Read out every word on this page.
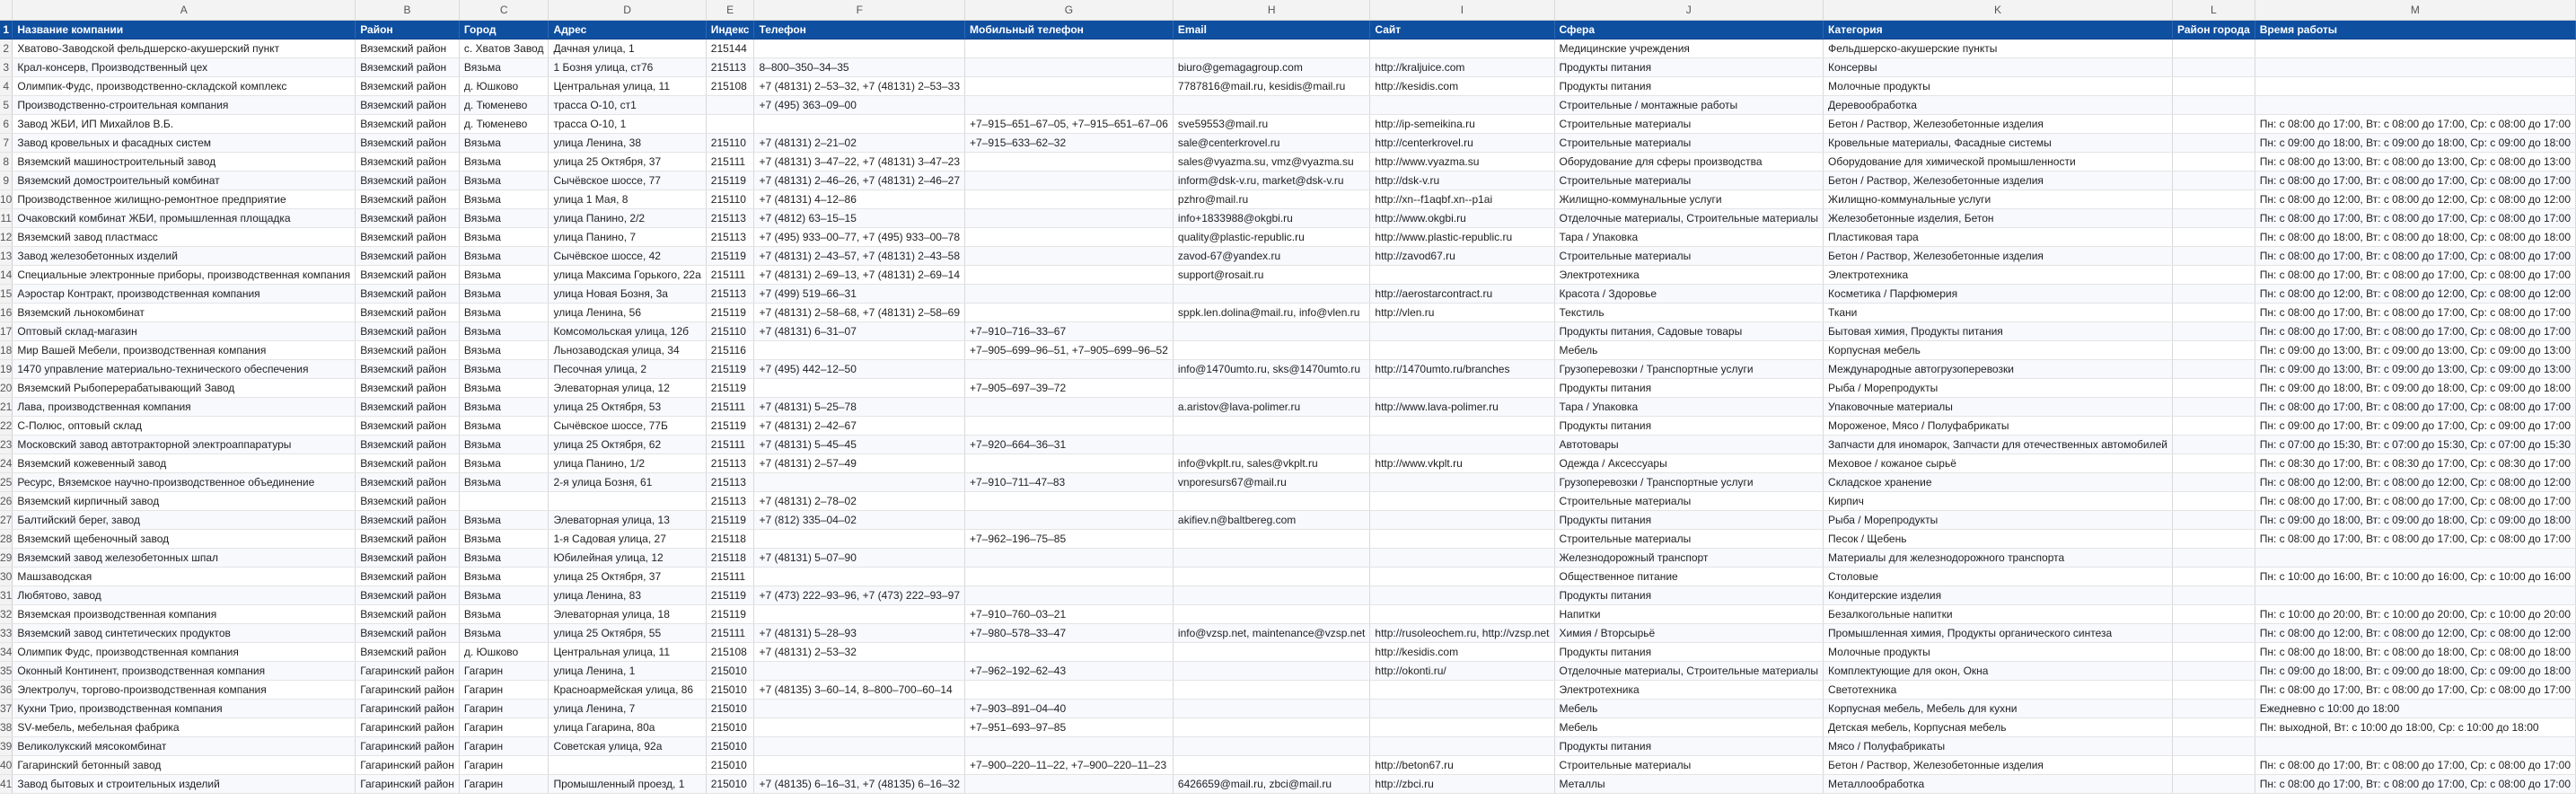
	A	B	C	D	E	F	G	H	I	J	K	L	M
1	Название компании	Район	Город	Адрес	Индекс	Телефон	Мобильный телефон	Email	Сайт	Сфера	Категория	Район города	Время работы
2	Хватово-Заводской фельдшерско-акушерский пункт	Вяземский район	с. Хватов Завод	Дачная улица, 1	215144					Медицинские учреждения	Фельдшерско-акушерские пункты		
3	Крал-консерв, Производственный цех	Вяземский район	Вязьма	1 Бозня улица, ст76	215113	8‒800‒350‒34‒35		biuro@gemagagroup.com	http://kraljuice.com	Продукты питания	Консервы		
4	Олимпик-Фудс, производственно-складской комплекс	Вяземский район	д. Юшково	Центральная улица, 11	215108	+7 (48131) 2‒53‒32, +7 (48131) 2‒53‒33		7787816@mail.ru, kesidis@mail.ru	http://kesidis.com	Продукты питания	Молочные продукты		
5	Производственно-строительная компания	Вяземский район	д. Тюменево	трасса О-10, ст1		+7 (495) 363‒09‒00				Строительные / монтажные работы	Деревообработка		
6	Завод ЖБИ, ИП Михайлов В.Б.	Вяземский район	д. Тюменево	трасса О-10, 1			+7‒915‒651‒67‒05, +7‒915‒651‒67‒06	sve59553@mail.ru	http://ip-semeikina.ru	Строительные материалы	Бетон / Раствор, Железобетонные изделия		Пн: с 08:00 до 17:00, Вт: с 08:00 до 17:00, Ср: с 08:00 до 17:00
7	Завод кровельных и фасадных систем	Вяземский район	Вязьма	улица Ленина, 38	215110	+7 (48131) 2‒21‒02	+7‒915‒633‒62‒32	sale@centerkrovel.ru	http://centerkrovel.ru	Строительные материалы	Кровельные материалы, Фасадные системы		Пн: с 09:00 до 18:00, Вт: с 09:00 до 18:00, Ср: с 09:00 до 18:00
8	Вяземский машиностроительный завод	Вяземский район	Вязьма	улица 25 Октября, 37	215111	+7 (48131) 3‒47‒22, +7 (48131) 3‒47‒23		sales@vyazma.su, vmz@vyazma.su	http://www.vyazma.su	Оборудование для сферы производства	Оборудование для химической промышленности		Пн: с 08:00 до 13:00, Вт: с 08:00 до 13:00, Ср: с 08:00 до 13:00
9	Вяземский домостроительный комбинат	Вяземский район	Вязьма	Сычёвское шоссе, 77	215119	+7 (48131) 2‒46‒26, +7 (48131) 2‒46‒27		inform@dsk-v.ru, market@dsk-v.ru	http://dsk-v.ru	Строительные материалы	Бетон / Раствор, Железобетонные изделия		Пн: с 08:00 до 17:00, Вт: с 08:00 до 17:00, Ср: с 08:00 до 17:00
10	Производственное жилищно-ремонтное предприятие	Вяземский район	Вязьма	улица 1 Мая, 8	215110	+7 (48131) 4‒12‒86		pzhro@mail.ru	http://xn--f1aqbf.xn--p1ai	Жилищно-коммунальные услуги	Жилищно-коммунальные услуги		Пн: с 08:00 до 12:00, Вт: с 08:00 до 12:00, Ср: с 08:00 до 12:00
11	Очаковский комбинат ЖБИ, промышленная площадка	Вяземский район	Вязьма	улица Панино, 2/2	215113	+7 (4812) 63‒15‒15		info+1833988@okgbi.ru	http://www.okgbi.ru	Отделочные материалы, Строительные материалы	Железобетонные изделия, Бетон		Пн: с 08:00 до 17:00, Вт: с 08:00 до 17:00, Ср: с 08:00 до 17:00
12	Вяземский завод пластмасс	Вяземский район	Вязьма	улица Панино, 7	215113	+7 (495) 933‒00‒77, +7 (495) 933‒00‒78		quality@plastic-republic.ru	http://www.plastic-republic.ru	Тара / Упаковка	Пластиковая тара		Пн: с 08:00 до 18:00, Вт: с 08:00 до 18:00, Ср: с 08:00 до 18:00
13	Завод железобетонных изделий	Вяземский район	Вязьма	Сычёвское шоссе, 42	215119	+7 (48131) 2‒43‒57, +7 (48131) 2‒43‒58		zavod-67@yandex.ru	http://zavod67.ru	Строительные материалы	Бетон / Раствор, Железобетонные изделия		Пн: с 08:00 до 17:00, Вт: с 08:00 до 17:00, Ср: с 08:00 до 17:00
14	Специальные электронные приборы, производственная компания	Вяземский район	Вязьма	улица Максима Горького, 22а	215111	+7 (48131) 2‒69‒13, +7 (48131) 2‒69‒14		support@rosait.ru		Электротехника	Электротехника		Пн: с 08:00 до 17:00, Вт: с 08:00 до 17:00, Ср: с 08:00 до 17:00
15	Аэростар Контракт, производственная компания	Вяземский район	Вязьма	улица Новая Бозня, 3а	215113	+7 (499) 519‒66‒31			http://aerostarcontract.ru	Красота / Здоровье	Косметика / Парфюмерия		Пн: с 08:00 до 12:00, Вт: с 08:00 до 12:00, Ср: с 08:00 до 12:00
16	Вяземский льнокомбинат	Вяземский район	Вязьма	улица Ленина, 56	215119	+7 (48131) 2‒58‒68, +7 (48131) 2‒58‒69		sppk.len.dolina@mail.ru, info@vlen.ru	http://vlen.ru	Текстиль	Ткани		Пн: с 08:00 до 17:00, Вт: с 08:00 до 17:00, Ср: с 08:00 до 17:00
17	Оптовый склад-магазин	Вяземский район	Вязьма	Комсомольская улица, 12б	215110	+7 (48131) 6‒31‒07	+7‒910‒716‒33‒67			Продукты питания, Садовые товары	Бытовая химия, Продукты питания		Пн: с 08:00 до 17:00, Вт: с 08:00 до 17:00, Ср: с 08:00 до 17:00
18	Мир Вашей Мебели, производственная компания	Вяземский район	Вязьма	Льнозаводская улица, 34	215116		+7‒905‒699‒96‒51, +7‒905‒699‒96‒52			Мебель	Корпусная мебель		Пн: с 09:00 до 13:00, Вт: с 09:00 до 13:00, Ср: с 09:00 до 13:00
19	1470 управление материально-технического обеспечения	Вяземский район	Вязьма	Песочная улица, 2	215119	+7 (495) 442‒12‒50		info@1470umto.ru, sks@1470umto.ru	http://1470umto.ru/branches	Грузоперевозки / Транспортные услуги	Международные автогрузоперевозки		Пн: с 09:00 до 13:00, Вт: с 09:00 до 13:00, Ср: с 09:00 до 13:00
20	Вяземский Рыбоперерабатывающий Завод	Вяземский район	Вязьма	Элеваторная улица, 12	215119		+7‒905‒697‒39‒72			Продукты питания	Рыба / Морепродукты		Пн: с 09:00 до 18:00, Вт: с 09:00 до 18:00, Ср: с 09:00 до 18:00
21	Лава, производственная компания	Вяземский район	Вязьма	улица 25 Октября, 53	215111	+7 (48131) 5‒25‒78		a.aristov@lava-polimer.ru	http://www.lava-polimer.ru	Тара / Упаковка	Упаковочные материалы		Пн: с 08:00 до 17:00, Вт: с 08:00 до 17:00, Ср: с 08:00 до 17:00
22	С-Полюс, оптовый склад	Вяземский район	Вязьма	Сычёвское шоссе, 77Б	215119	+7 (48131) 2‒42‒67				Продукты питания	Мороженое, Мясо / Полуфабрикаты		Пн: с 09:00 до 17:00, Вт: с 09:00 до 17:00, Ср: с 09:00 до 17:00
23	Московский завод автотракторной электроаппаратуры	Вяземский район	Вязьма	улица 25 Октября, 62	215111	+7 (48131) 5‒45‒45	+7‒920‒664‒36‒31			Автотовары	Запчасти для иномарок, Запчасти для отечественных автомобилей		Пн: с 07:00 до 15:30, Вт: с 07:00 до 15:30, Ср: с 07:00 до 15:30
24	Вяземский кожевенный завод	Вяземский район	Вязьма	улица Панино, 1/2	215113	+7 (48131) 2‒57‒49		info@vkplt.ru, sales@vkplt.ru	http://www.vkplt.ru	Одежда / Аксессуары	Меховое / кожаное сырьё		Пн: с 08:30 до 17:00, Вт: с 08:30 до 17:00, Ср: с 08:30 до 17:00
25	Ресурс, Вяземское научно-производственное объединение	Вяземский район	Вязьма	2-я улица Бозня, 61	215113		+7‒910‒711‒47‒83	vnporesurs67@mail.ru		Грузоперевозки / Транспортные услуги	Складское хранение		Пн: с 08:00 до 12:00, Вт: с 08:00 до 12:00, Ср: с 08:00 до 12:00
26	Вяземский кирпичный завод	Вяземский район			215113	+7 (48131) 2‒78‒02				Строительные материалы	Кирпич		Пн: с 08:00 до 17:00, Вт: с 08:00 до 17:00, Ср: с 08:00 до 17:00
27	Балтийский берег, завод	Вяземский район	Вязьма	Элеваторная улица, 13	215119	+7 (812) 335‒04‒02		akifiev.n@baltbereg.com		Продукты питания	Рыба / Морепродукты		Пн: с 09:00 до 18:00, Вт: с 09:00 до 18:00, Ср: с 09:00 до 18:00
28	Вяземский щебеночный завод	Вяземский район	Вязьма	1-я Садовая улица, 27	215118		+7‒962‒196‒75‒85			Строительные материалы	Песок / Щебень		Пн: с 08:00 до 17:00, Вт: с 08:00 до 17:00, Ср: с 08:00 до 17:00
29	Вяземский завод железобетонных шпал	Вяземский район	Вязьма	Юбилейная улица, 12	215118	+7 (48131) 5‒07‒90				Железнодорожный транспорт	Материалы для железнодорожного транспорта		
30	Машзаводская	Вяземский район	Вязьма	улица 25 Октября, 37	215111					Общественное питание	Столовые		Пн: с 10:00 до 16:00, Вт: с 10:00 до 16:00, Ср: с 10:00 до 16:00
31	Любятово, завод	Вяземский район	Вязьма	улица Ленина, 83	215119	+7 (473) 222‒93‒96, +7 (473) 222‒93‒97				Продукты питания	Кондитерские изделия		
32	Вяземская производственная компания	Вяземский район	Вязьма	Элеваторная улица, 18	215119		+7‒910‒760‒03‒21			Напитки	Безалкогольные напитки		Пн: с 10:00 до 20:00, Вт: с 10:00 до 20:00, Ср: с 10:00 до 20:00
33	Вяземский завод синтетических продуктов	Вяземский район	Вязьма	улица 25 Октября, 55	215111	+7 (48131) 5‒28‒93	+7‒980‒578‒33‒47	info@vzsp.net, maintenance@vzsp.net	http://rusoleochem.ru, http://vzsp.net	Химия / Вторсырьё	Промышленная химия, Продукты органического синтеза		Пн: с 08:00 до 12:00, Вт: с 08:00 до 12:00, Ср: с 08:00 до 12:00
34	Олимпик Фудс, производственная компания	Вяземский район	д. Юшково	Центральная улица, 11	215108	+7 (48131) 2‒53‒32			http://kesidis.com	Продукты питания	Молочные продукты		Пн: с 08:00 до 18:00, Вт: с 08:00 до 18:00, Ср: с 08:00 до 18:00
35	Оконный Континент, производственная компания	Гагаринский район	Гагарин	улица Ленина, 1	215010		+7‒962‒192‒62‒43		http://okonti.ru/	Отделочные материалы, Строительные материалы	Комплектующие для окон, Окна		Пн: с 09:00 до 18:00, Вт: с 09:00 до 18:00, Ср: с 09:00 до 18:00
36	Электролуч, торгово-производственная компания	Гагаринский район	Гагарин	Красноармейская улица, 86	215010	+7 (48135) 3‒60‒14, 8‒800‒700‒60‒14				Электротехника	Светотехника		Пн: с 08:00 до 17:00, Вт: с 08:00 до 17:00, Ср: с 08:00 до 17:00
37	Кухни Трио, производственная компания	Гагаринский район	Гагарин	улица Ленина, 7	215010		+7‒903‒891‒04‒40			Мебель	Корпусная мебель, Мебель для кухни		Ежедневно с 10:00 до 18:00
38	SV-мебель, мебельная фабрика	Гагаринский район	Гагарин	улица Гагарина, 80а	215010		+7‒951‒693‒97‒85			Мебель	Детская мебель, Корпусная мебель		Пн: выходной, Вт: с 10:00 до 18:00, Ср: с 10:00 до 18:00
39	Великолукский мясокомбинат	Гагаринский район	Гагарин	Советская улица, 92а	215010					Продукты питания	Мясо / Полуфабрикаты		
40	Гагаринский бетонный завод	Гагаринский район	Гагарин		215010		+7‒900‒220‒11‒22, +7‒900‒220‒11‒23		http://beton67.ru	Строительные материалы	Бетон / Раствор, Железобетонные изделия		Пн: с 08:00 до 17:00, Вт: с 08:00 до 17:00, Ср: с 08:00 до 17:00
41	Завод бытовых и строительных изделий	Гагаринский район	Гагарин	Промышленный проезд, 1	215010	+7 (48135) 6‒16‒31, +7 (48135) 6‒16‒32		6426659@mail.ru, zbci@mail.ru	http://zbci.ru	Металлы	Металлообработка		Пн: с 08:00 до 17:00, Вт: с 08:00 до 17:00, Ср: с 08:00 до 17:00
